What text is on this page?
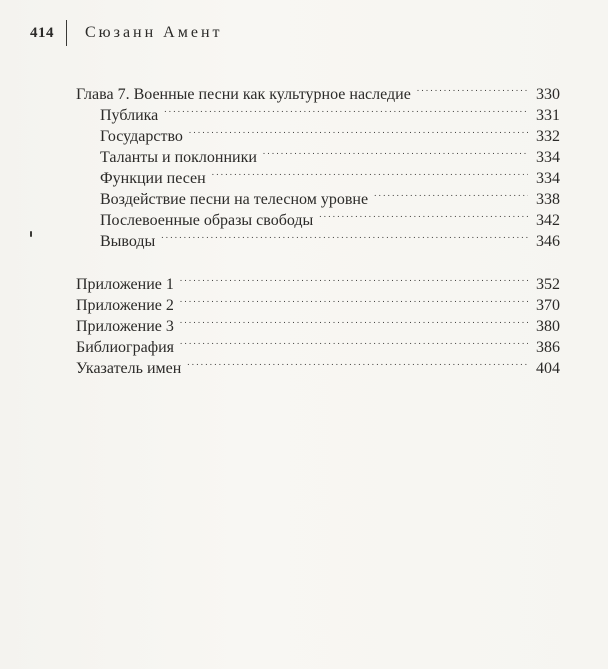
414 Сюзанн Амент
Глава 7. Военные песни как культурное наследие . . .	330
Публика . . .	331
Государство . . .	332
Таланты и поклонники . . .	334
Функции песен . . .	334
Воздействие песни на телесном уровне . . .	338
Послевоенные образы свободы . . .	342
Выводы . . .	346
Приложение 1 . . .	352
Приложение 2 . . .	370
Приложение 3 . . .	380
Библиография . . .	386
Указатель имен . . .	404
